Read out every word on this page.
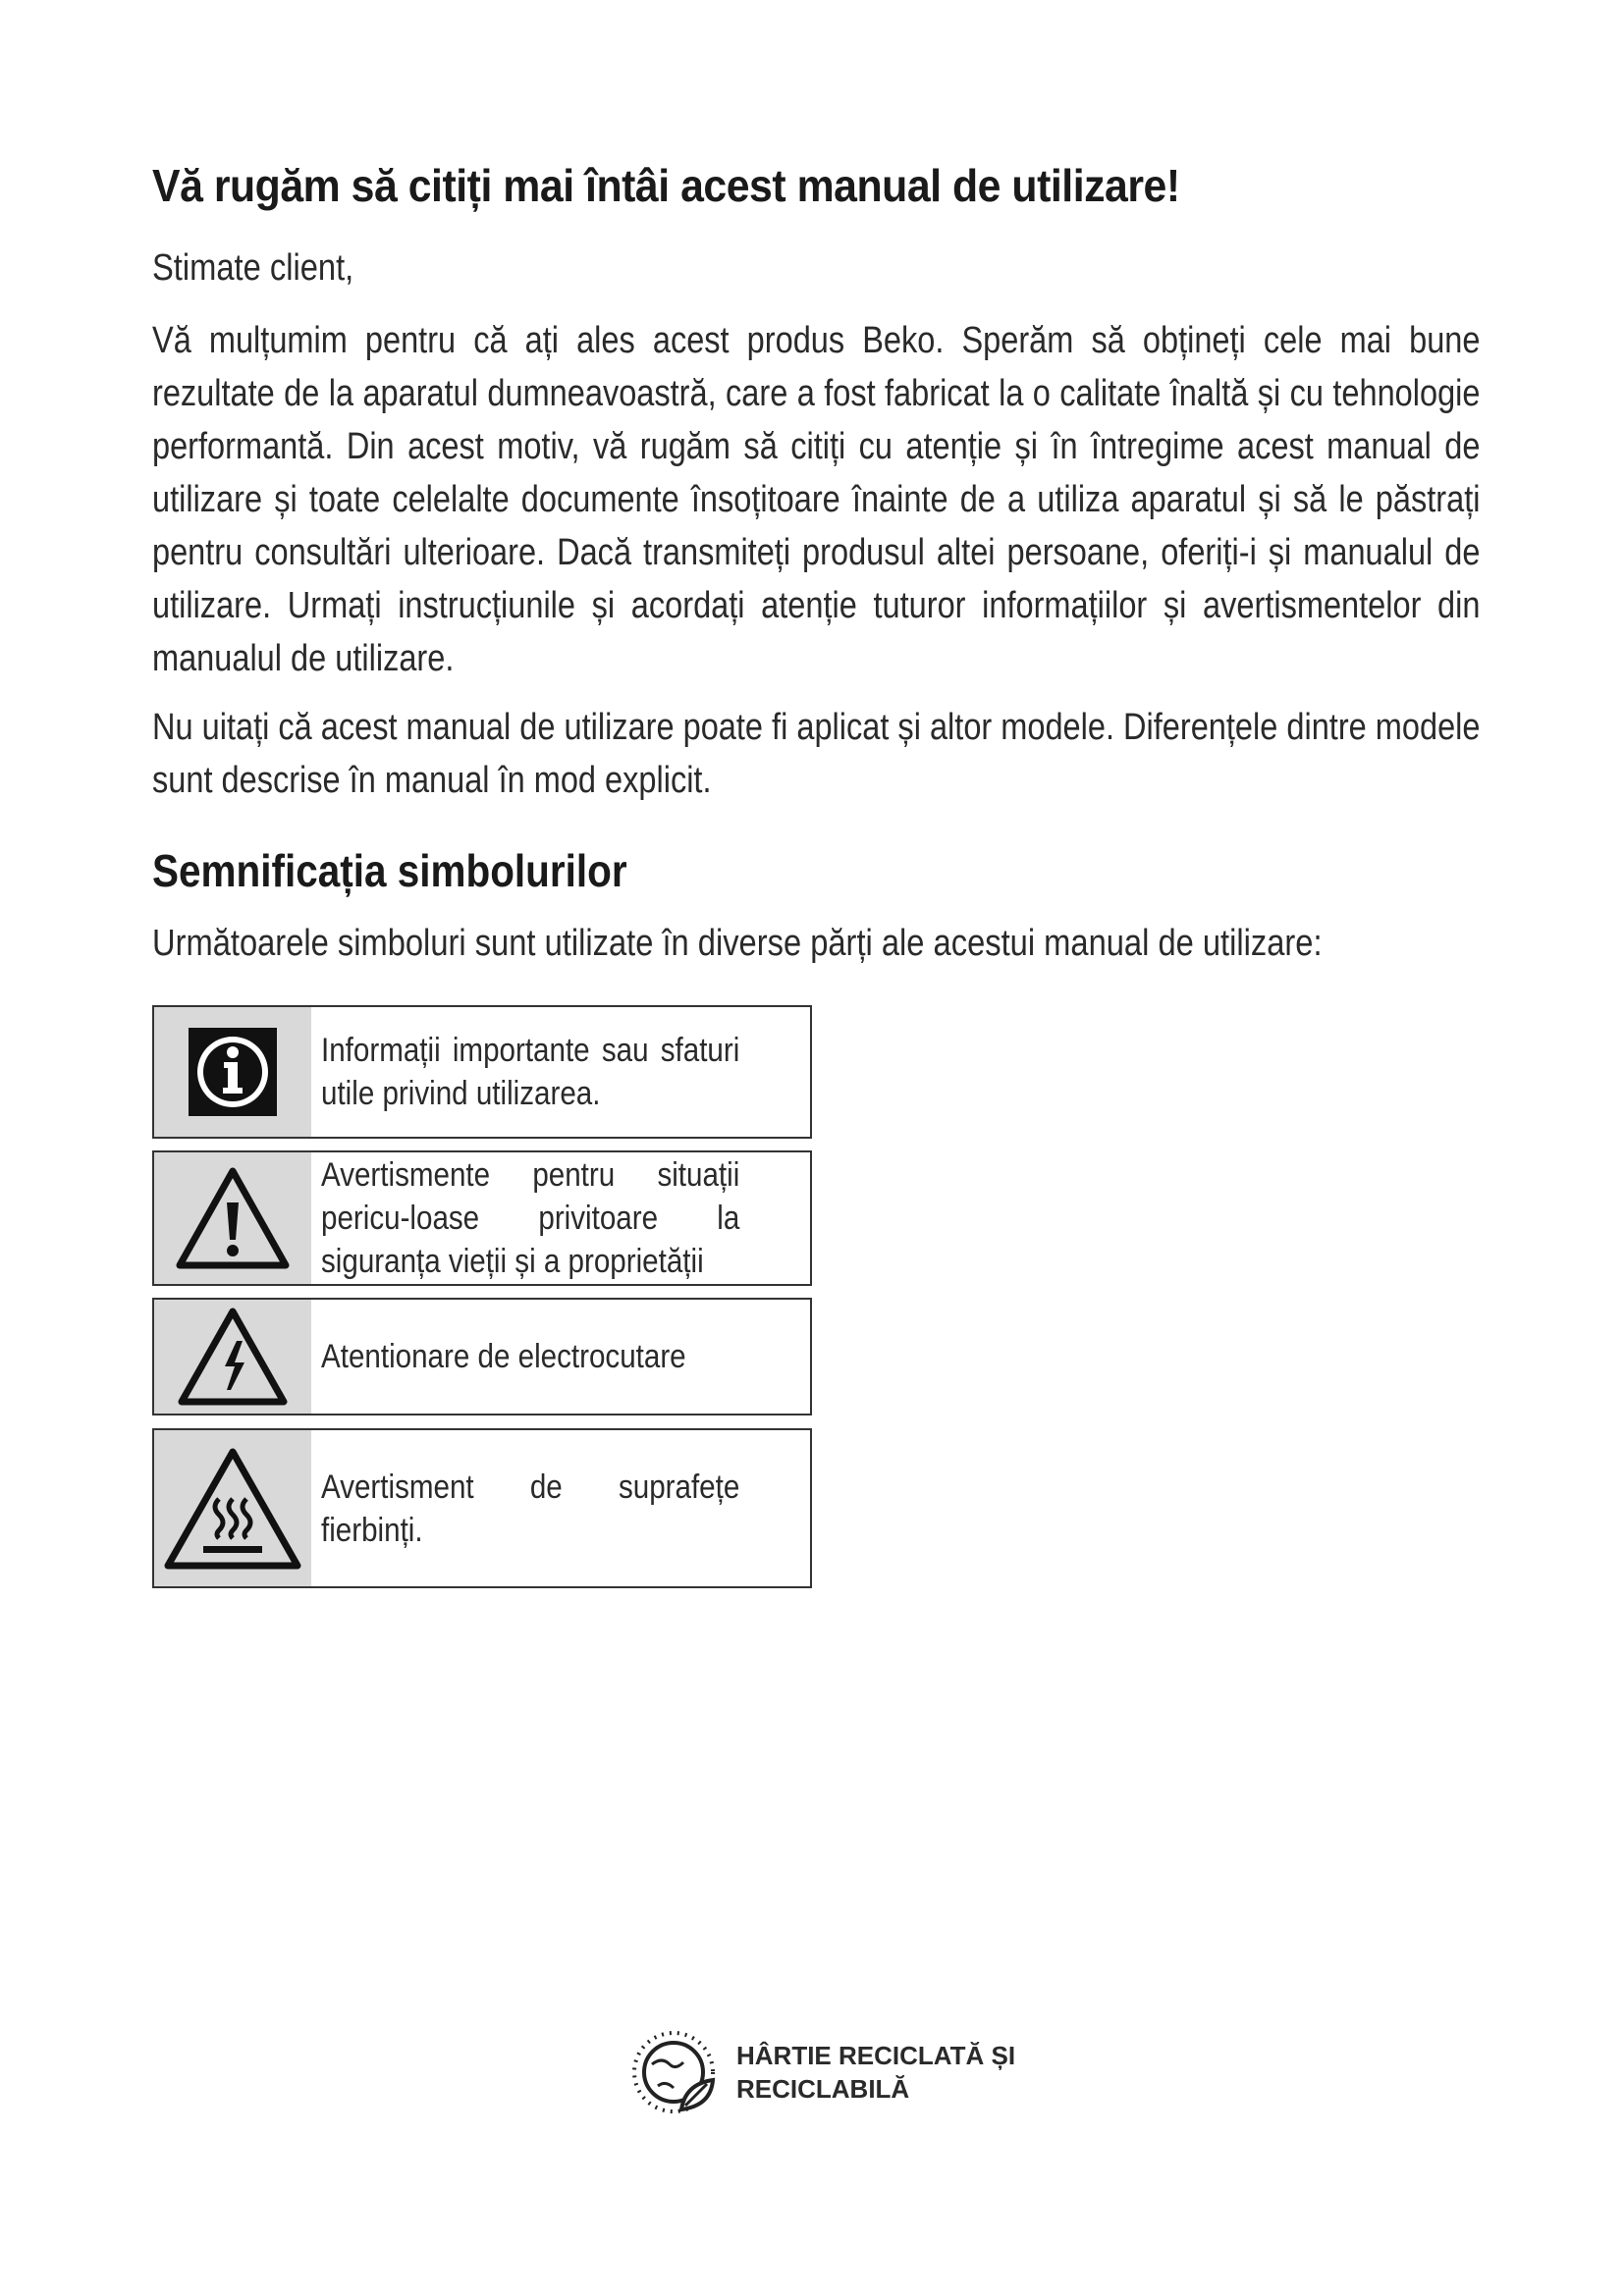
Vă rugăm să citiți mai întâi acest manual de utilizare!

Stimate client,

Vă mulțumim pentru că ați ales acest produs Beko. Sperăm să obțineți cele mai bune rezultate de la aparatul dumneavoastră, care a fost fabricat la o calitate înaltă și cu tehnologie performantă. Din acest motiv, vă rugăm să citiți cu atenție și în întregime acest manual de utilizare și toate celelalte documente însoțitoare înainte de a utiliza aparatul și să le păstrați pentru consultări ulterioare. Dacă transmiteți produsul altei persoane, oferiți-i și manualul de utilizare. Urmați instrucțiunile și acordați atenție tuturor informațiilor și avertismentelor din manualul de utilizare.

Nu uitați că acest manual de utilizare poate fi aplicat și altor modele. Diferențele dintre modele sunt descrise în manual în mod explicit.

Semnificația simbolurilor

Următoarele simboluri sunt utilizate în diverse părți ale acestui manual de utilizare:

Informații importante sau sfaturi utile privind utilizarea.
Avertismente pentru situații pericu-loase privitoare la siguranța vieții și a proprietății
Atentionare de electrocutare
Avertisment de suprafețe fierbinți.
HÂRTIE RECICLATĂ ȘI RECICLABILĂ
